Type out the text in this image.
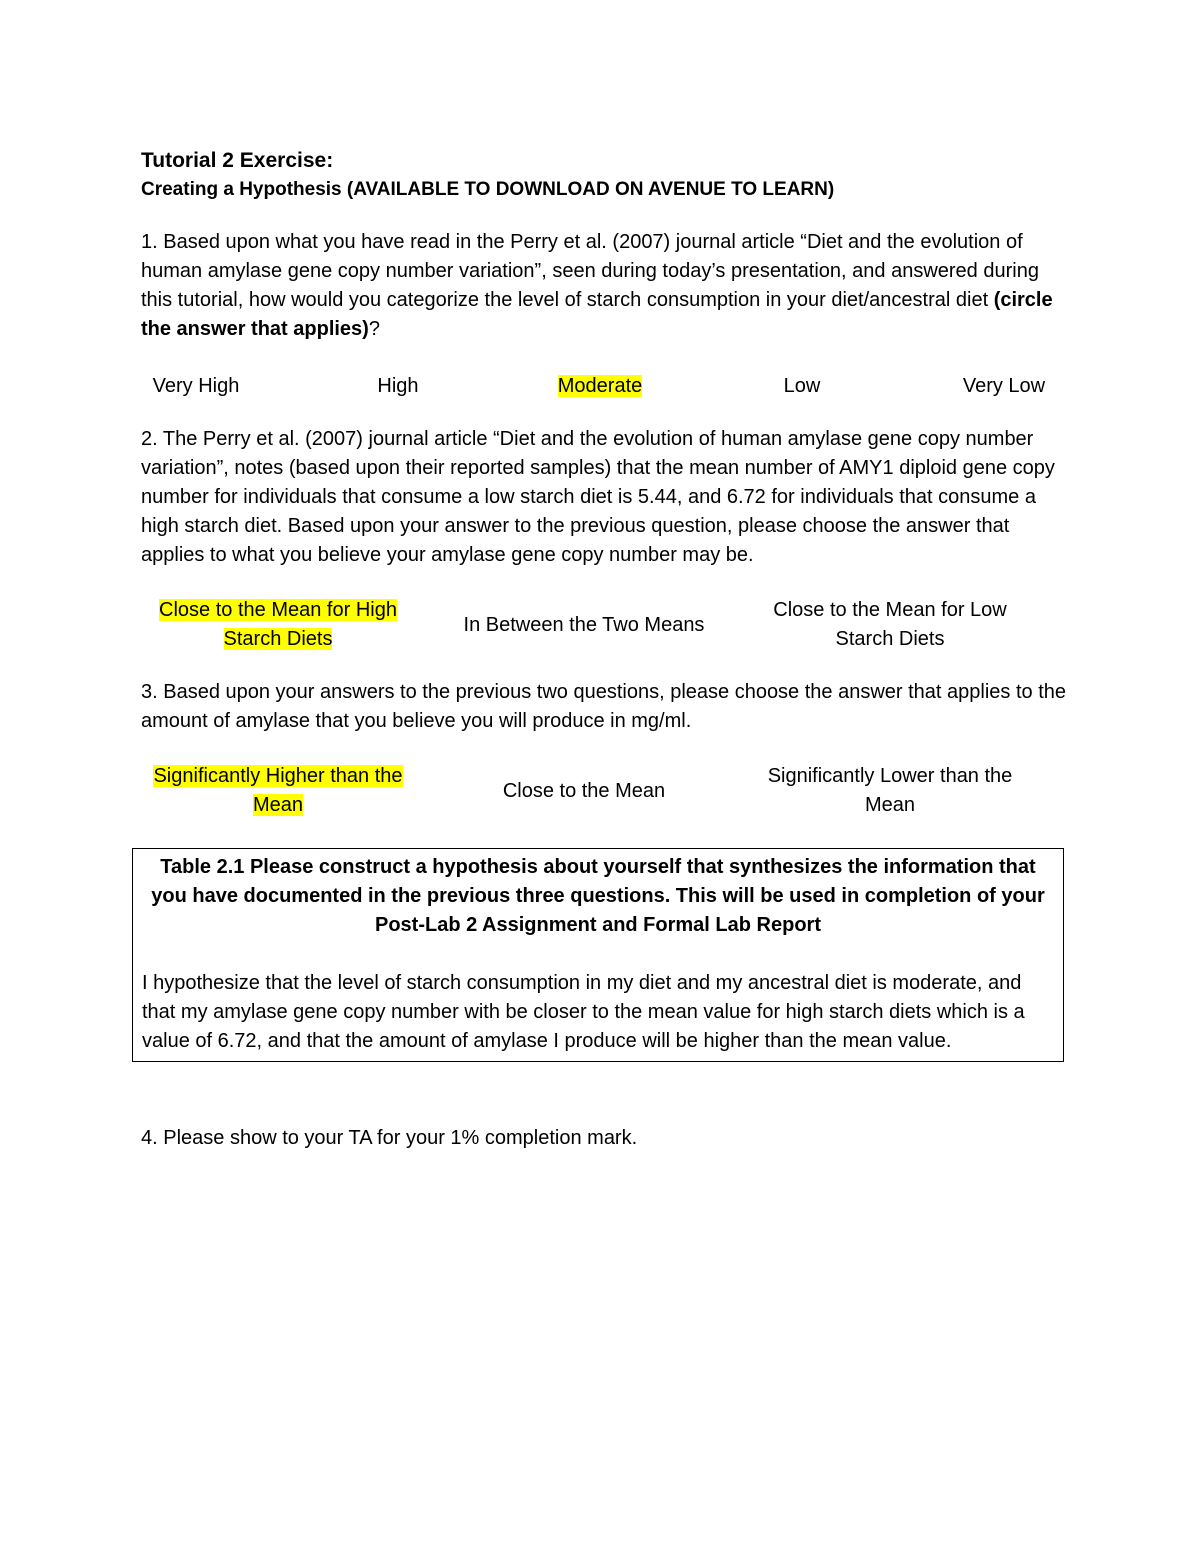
Tutorial 2 Exercise:

Creating a Hypothesis (AVAILABLE TO DOWNLOAD ON AVENUE TO LEARN)

1. Based upon what you have read in the Perry et al. (2007) journal article “Diet and the evolution of human amylase gene copy number variation”, seen during today’s presentation, and answered during this tutorial, how would you categorize the level of starch consumption in your diet/ancestral diet (circle the answer that applies)?

Very High	High	Moderate	Low	Very Low

2. The Perry et al. (2007) journal article “Diet and the evolution of human amylase gene copy number variation”, notes (based upon their reported samples) that the mean number of AMY1 diploid gene copy number for individuals that consume a low starch diet is 5.44, and 6.72 for individuals that consume a high starch diet. Based upon your answer to the previous question, please choose the answer that applies to what you believe your amylase gene copy number may be.

Close to the Mean for High Starch Diets
In Between the Two Means
Close to the Mean for Low Starch Diets

3. Based upon your answers to the previous two questions, please choose the answer that applies to the amount of amylase that you believe you will produce in mg/ml.

Significantly Higher than the Mean
Close to the Mean
Significantly Lower than the Mean

Table 2.1 Please construct a hypothesis about yourself that synthesizes the information that you have documented in the previous three questions. This will be used in completion of your Post-Lab 2 Assignment and Formal Lab Report

I hypothesize that the level of starch consumption in my diet and my ancestral diet is moderate, and that my amylase gene copy number with be closer to the mean value for high starch diets which is a value of 6.72, and that the amount of amylase I produce will be higher than the mean value.

4. Please show to your TA for your 1% completion mark.
